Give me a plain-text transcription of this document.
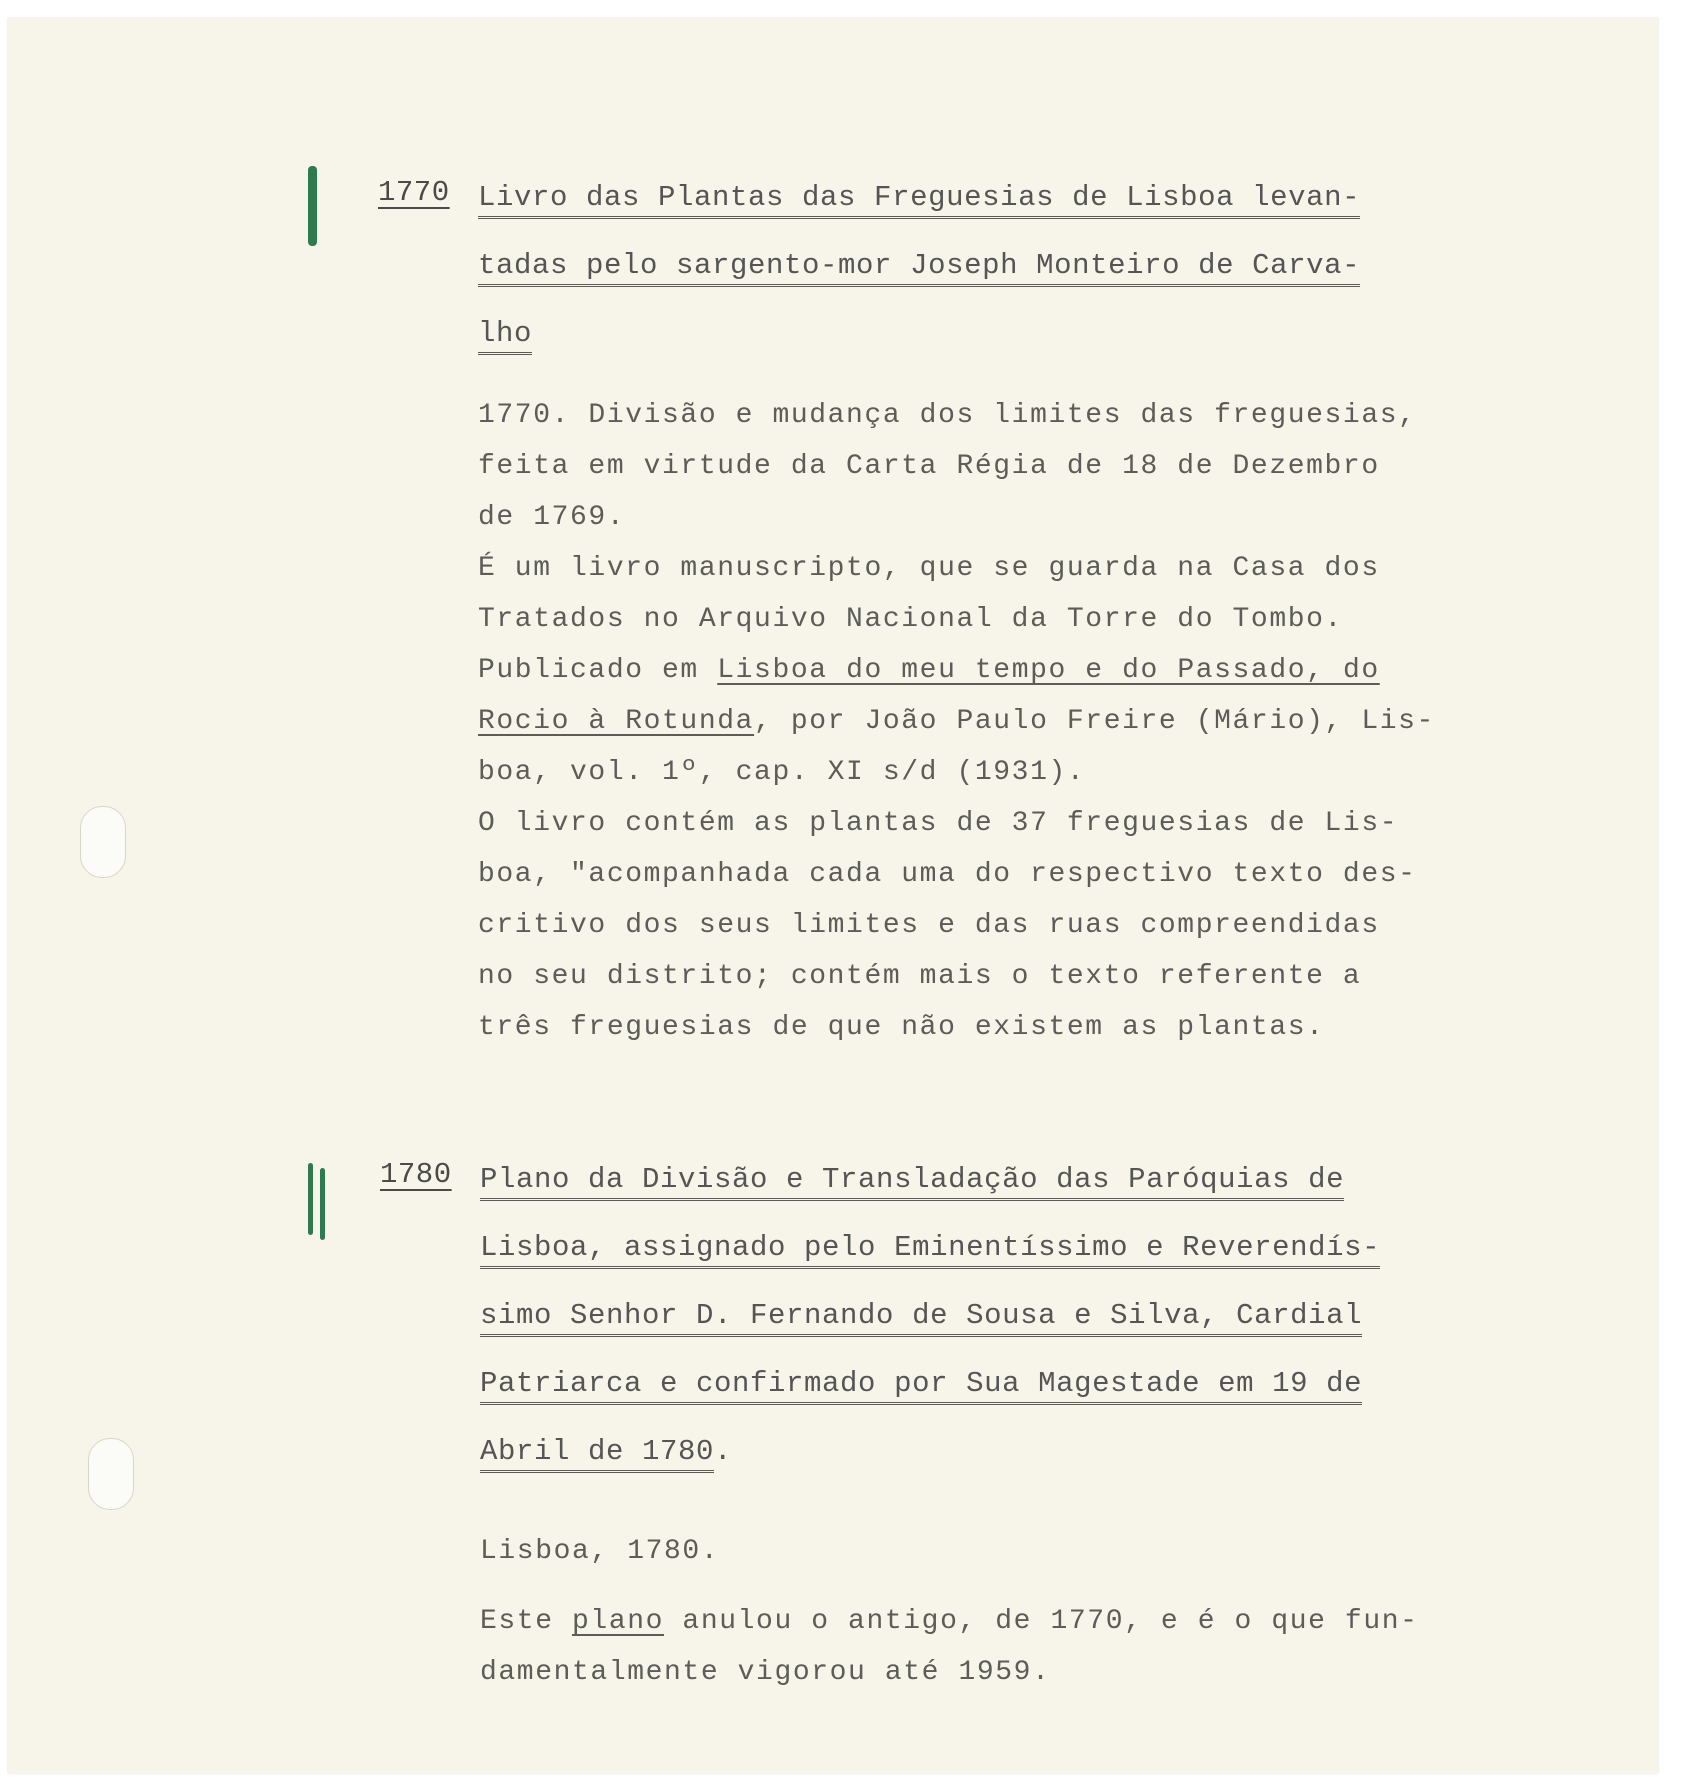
1770 Livro das Plantas das Freguesias de Lisboa levan-
tadas pelo sargento-mor Joseph Monteiro de Carva-
lho
1770. Divisão e mudança dos limites das freguesias,
feita em virtude da Carta Régia de 18 de Dezembro
de 1769.
É um livro manuscripto, que se guarda na Casa dos
Tratados no Arquivo Nacional da Torre do Tombo.
Publicado em Lisboa do meu tempo e do Passado, do
Rocio à Rotunda, por João Paulo Freire (Mário), Lis-
boa, vol. 1º, cap. XI s/d (1931).
O livro contém as plantas de 37 freguesias de Lis-
boa, "acompanhada cada uma do respectivo texto des-
critivo dos seus limites e das ruas compreendidas
no seu distrito; contém mais o texto referente a
três freguesias de que não existem as plantas.
1780 Plano da Divisão e Transladação das Paróquias de
Lisboa, assignado pelo Eminentíssimo e Reverendís-
simo Senhor D. Fernando de Sousa e Silva, Cardial
Patriarca e confirmado por Sua Magestade em 19 de
Abril de 1780.
Lisboa, 1780.
Este plano anulou o antigo, de 1770, e é o que fun-
damentalmente vigorou até 1959.
